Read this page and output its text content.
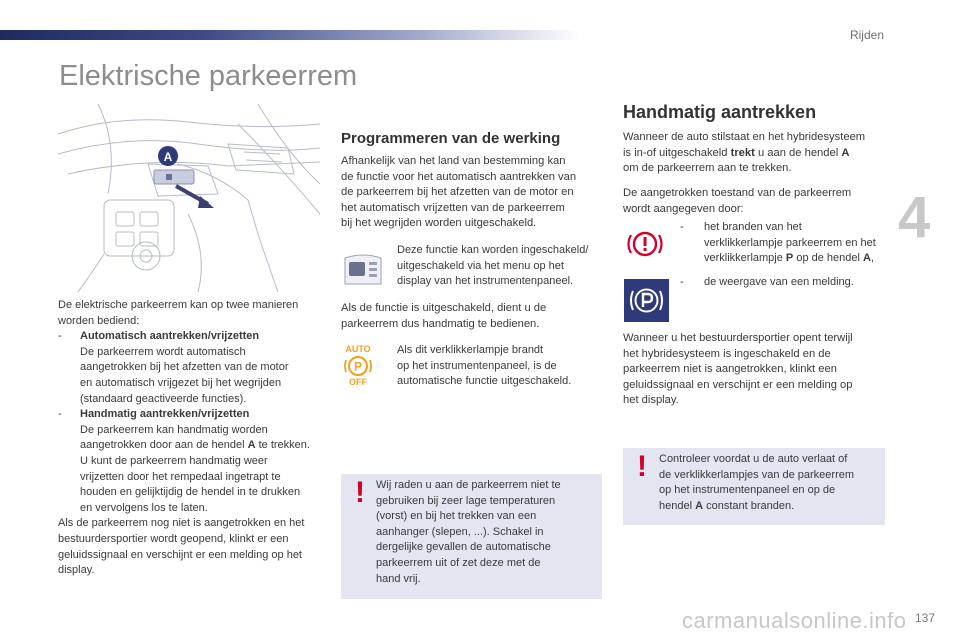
Rijden
4
Elektrische parkeerrem
A
De elektrische parkeerrem kan op twee manieren worden bediend:
- Automatisch aantrekken/vrijzetten
De parkeerrem wordt automatisch
aangetrokken bij het afzetten van de motor
en automatisch vrijgezet bij het wegrijden
(standaard geactiveerde functies).
- Handmatig aantrekken/vrijzetten
De parkeerrem kan handmatig worden
aangetrokken door aan de hendel A te trekken.
U kunt de parkeerrem handmatig weer
vrijzetten door het rempedaal ingetrapt te
houden en gelijktijdig de hendel in te drukken
en vervolgens los te laten.
Als de parkeerrem nog niet is aangetrokken en het
bestuurdersportier wordt geopend, klinkt er een
geluidssignaal en verschijnt er een melding op het
display.
Programmeren van de werking
Afhankelijk van het land van bestemming kan
de functie voor het automatisch aantrekken van
de parkeerrem bij het afzetten van de motor en
het automatisch vrijzetten van de parkeerrem
bij het wegrijden worden uitgeschakeld.
Deze functie kan worden ingeschakeld/
uitgeschakeld via het menu op het
display van het instrumentenpaneel.
Als de functie is uitgeschakeld, dient u de
parkeerrem dus handmatig te bedienen.
AUTO
P
OFF
Als dit verklikkerlampje brandt
op het instrumentenpaneel, is de
automatische functie uitgeschakeld.
! Wij raden u aan de parkeerrem niet te
gebruiken bij zeer lage temperaturen
(vorst) en bij het trekken van een
aanhanger (slepen, ...). Schakel in
dergelijke gevallen de automatische
parkeerrem uit of zet deze met de
hand vrij.
Handmatig aantrekken
Wanneer de auto stilstaat en het hybridesysteem
is in-of uitgeschakeld trekt u aan de hendel A
om de parkeerrem aan te trekken.
De aangetrokken toestand van de parkeerrem
wordt aangegeven door:
- het branden van het
verklikkerlampje parkeerrem en het
verklikkerlampje P op de hendel A,
-	de weergave van een melding.
Wanneer u het bestuurdersportier opent terwijl
het hybridesysteem is ingeschakeld en de
parkeerrem niet is aangetrokken, klinkt een
geluidssignaal en verschijnt er een melding op
het display.
! Controleer voordat u de auto verlaat of
de verklikkerlampjes van de parkeerrem
op het instrumentenpaneel en op de
hendel A constant branden.
137
carmanualsonline.info
